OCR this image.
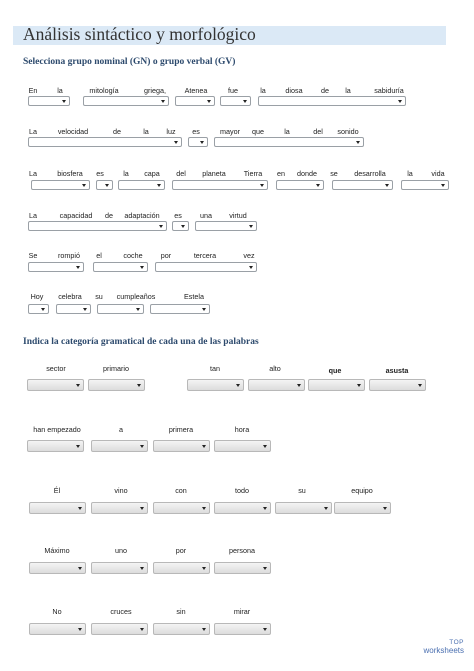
Análisis sintáctico y morfológico
Selecciona grupo nominal (GN) o grupo verbal (GV)
En	la	mitología	griega,	Atenea	fue	la	diosa	de la	sabiduría
La	velocidad	de	la luz es	mayor que	la	del sonido
La	biosfera es	la capa del planeta Tierra en donde se desarrolla	la	vida
La	capacidad de adaptación es	una virtud
Se	rompió el	coche	por	tercera	vez
Hoy celebra su cumpleaños	Estela
Indica la categoría gramatical de cada una de las palabras
sector	primario	tan	alto	que	asusta
han empezado	a	primera	hora
Él	vino	con	todo	su	equipo
Máximo	uno	por	persona
No	cruces	sin	mirar
TOP
worksheets
